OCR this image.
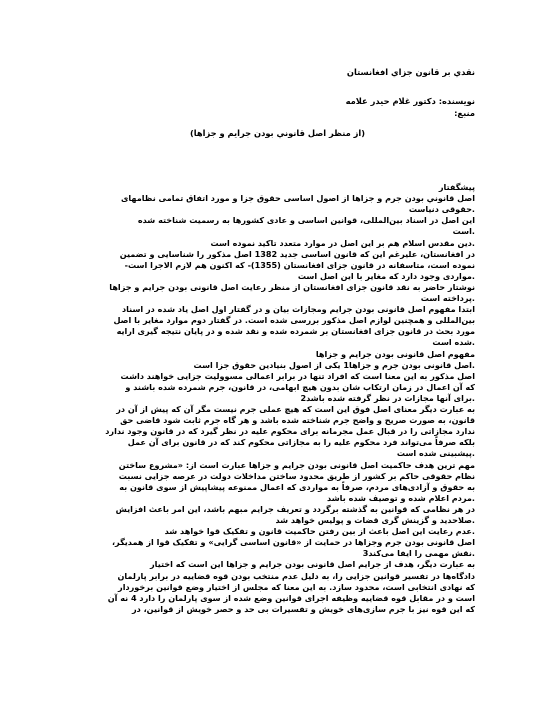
نقدي بر قانون جزاي افغانستان
نویسنده: دکتور غلام حیدر علامه
منبع:
(از منظر اصل قانوني بودن جرايم و جزاها)
پیشگفتار
اصل قانوني بودن جرم و جزاها از اصول اساسی حقوق جزا و مورد اتفاق تمامی نظامهای
.حقوقی دنیاست
این اصل در اسناد بین‌المللی، قوانین اساسی و عادی کشورها به رسمیت شناخته شده
.است
.دین مقدس اسلام هم بر این اصل در موارد متعدد تاکید نموده است
در افغانستان، علیرغم این که قانون اساسی جدید 1382 اصل مذکور را شناسایی و تضمین
نموده است، متاسفانه در قانون جزای افغانستان (1355)- که اکنون هم لازم الاجرا است-
.مواردی وجود دارد که مغایر با این اصل است
نوشتار حاضر به نقد قانون جزای افغانستان از منظر رعایت اصل قانونی بودن جرایم و جزاها
.پرداخته است
ابتدا مفهوم اصل قانونی بودن جرایم ومجازات بیان و در گفتار اول اصل یاد شده در اسناد
بین‌المللی و همچنین لوازم اصل مذکور بررسی شده است. در گفتار دوم موارد مغایر با اصل
مورد بحث در قانون جزای افغانستان بر شمرده شده و نقد شده و در پایان نتیجه گیری ارایه
.شده است
مفهوم اصل قانونی بودن جرایم و جزاها
.اصل قانونی بودن جرم و جزاها1 یکی از اصول بنیادین حقوق جزا است
اصل مذکور به این معنا است که افراد تنها در برابر اعمالی مسوولیت جزایی خواهند داشت
که آن اعمال در زمان ارتکاب شان بدون هیچ ابهامی، در قانون، جرم شمرده شده باشند و
.برای آنها مجازات در نظر گرفته شده باشد2
به عبارت دیگر معنای اصل فوق این است که هیچ عملی جرم نیست مگر آن که پیش از آن در
قانون، به صورت صریح و واضح جرم شناخته شده باشد و هر گاه جرم ثابت شود قاضی حق
ندارد مجازاتی را در قبال عمل مجرمانه برای محکوم علیه در نظر گیرد که در قانون وجود ندارد
بلکه صرفاً می‌تواند فرد محکوم علیه را به مجازاتی محکوم کند که در قانون برای آن عمل
.پیشبینی شده است
مهم ترین هدف حاکمیت اصل قانونی بودن جرایم و جزاها عبارت است از: «مشروع ساختن
نظام حقوقی حاکم بر کشور از طریق محدود ساختن مداخلات دولت در عرصه جزایی نسبت
به حقوق و آزادی‌های مردم، صرفاً به مواردی که اعمال ممنوعه پیشاپیش از سوی قانون به
.مردم اعلام شده و توصیف شده باشد
در هر نظامی که قوانین به گذشته برگردد و تعریف جرایم مبهم باشد، این امر باعث افزایش
.صلاحدید و گزینش گری قضات و پولیس خواهد شد
.عدم رعایت این اصل باعث از بین رفتن حاکمیت قانون و تفکیک قوا خواهد شد
اصل قانونی بودن جرم وجزاها در حمایت از «قانون اساسی گرایی» و تفکیک قوا از همدیگر،
.نقش مهمی را ایفا می‌کند3
به عبارت دیگر، هدف از جرایم اصل قانونی بودن جرایم و جزاها این است که اختیار
دادگاه‌ها در تفسیر قوانین جزایی را، به دلیل عدم منتخب بودن قوه قضاییه در برابر پارلمان
که نهادی انتخابی است، محدود سازد. به این معنا که مجلس از اختیار وضع قوانین برخوردار
است و در مقابل قوه قضاییه وظیفه اجرای قوانین وضع شده از سوی پارلمان را دارد 4 نه آن
که این قوه نیز با جرم سازی‌های خویش و تفسیرات بی حد و حصر خویش از قوانین، در
